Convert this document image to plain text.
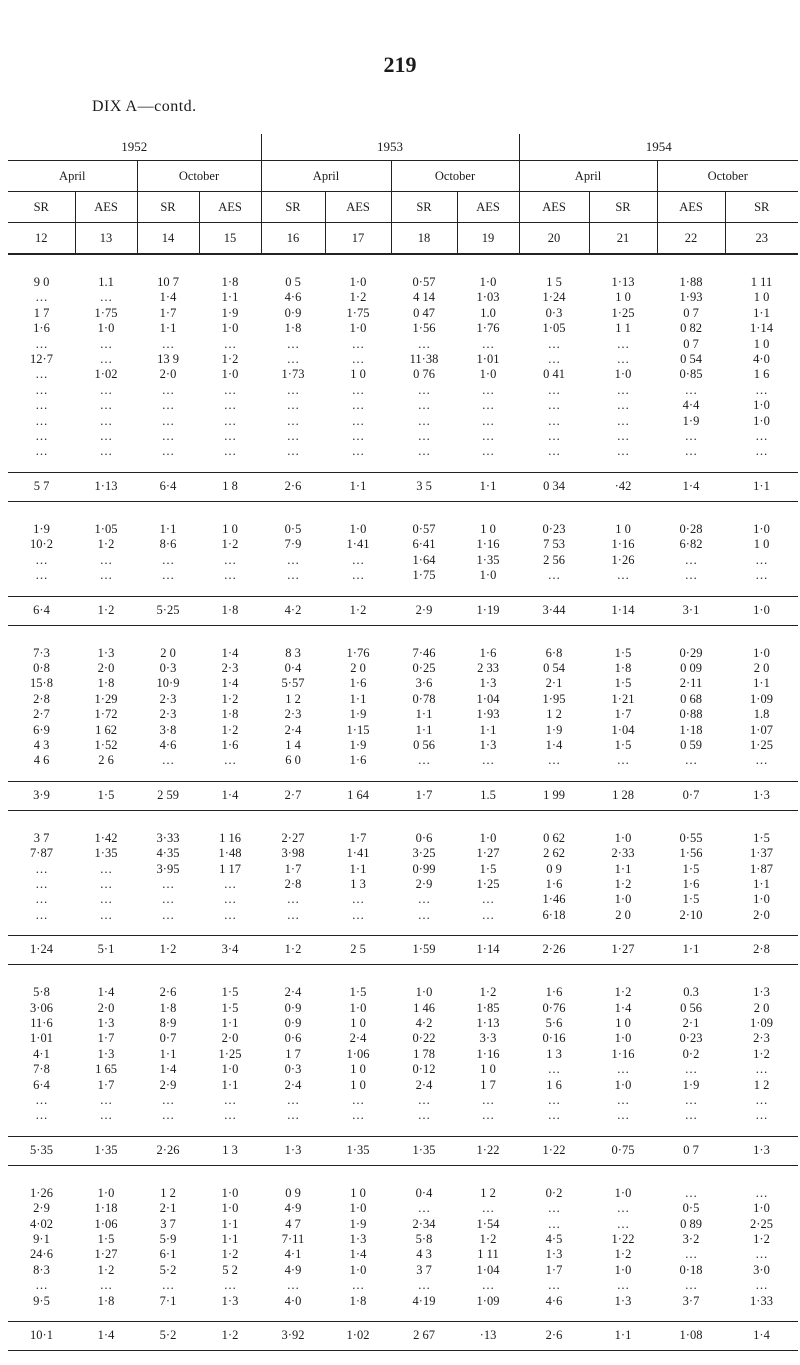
219
DIX A—contd.
1952				1953				1954			
April		October		April		October		April		October	
SR	AES	SR	AES	SR	AES	SR	AES	AES	SR	AES	SR
12	13	14	15	16	17	18	19	20	21	22	23

9 0	1.1	10 7	1·8	0 5	1·0	0·57	1·0	1 5	1·13	1·88	1 11
…	…	1·4	1·1	4·6	1·2	4 14	1·03	1·24	1 0	1·93	1 0
1 7	1·75	1·7	1·9	0·9	1·75	0 47	1.0	0·3	1·25	0 7	1·1
1·6	1·0	1·1	1·0	1·8	1·0	1·56	1·76	1·05	1 1	0 82	1·14
…	…	…	…	…	…	…	…	…	…	0 7	1 0
12·7	…	13 9	1·2	…	…	11·38	1·01	…	…	0 54	4·0
…	1·02	2·0	1·0	1·73	1 0	0 76	1·0	0 41	1·0	0·85	1 6
…	…	…	…	…	…	…	…	…	…	…	…
…	…	…	…	…	…	…	…	…	…	4·4	1·0
…	…	…	…	…	…	…	…	…	…	1·9	1·0
…	…	…	…	…	…	…	…	…	…	…	…
…	…	…	…	…	…	…	…	…	…	…	…

5 7	1·13	6·4	1 8	2·6	1·1	3 5	1·1	0 34	·42	1·4	1·1

1·9	1·05	1·1	1 0	0·5	1·0	0·57	1 0	0·23	1 0	0·28	1·0
10·2	1·2	8·6	1·2	7·9	1·41	6·41	1·16	7 53	1·16	6·82	1 0
…	…	…	…	…	…	1·64	1·35	2 56	1·26	…	…
…	…	…	…	…	…	1·75	1·0	…	…	…	…

6·4	1·2	5·25	1·8	4·2	1·2	2·9	1·19	3·44	1·14	3·1	1·0

7·3	1·3	2 0	1·4	8 3	1·76	7·46	1·6	6·8	1·5	0·29	1·0
0·8	2·0	0·3	2·3	0·4	2 0	0·25	2 33	0 54	1·8	0 09	2 0
15·8	1·8	10·9	1·4	5·57	1·6	3·6	1·3	2·1	1·5	2·11	1·1
2·8	1·29	2·3	1·2	1 2	1·1	0·78	1·04	1·95	1·21	0 68	1·09
2·7	1·72	2·3	1·8	2·3	1·9	1·1	1·93	1 2	1·7	0·88	1.8
6·9	1 62	3·8	1·2	2·4	1·15	1·1	1·1	1·9	1·04	1·18	1·07
4 3	1·52	4·6	1·6	1 4	1·9	0 56	1·3	1·4	1·5	0 59	1·25
4 6	2 6	…	…	6 0	1·6	…	…	…	…	…	…

3·9	1·5	2 59	1·4	2·7	1 64	1·7	1.5	1 99	1 28	0·7	1·3

3 7	1·42	3·33	1 16	2·27	1·7	0·6	1·0	0 62	1·0	0·55	1·5
7·87	1·35	4·35	1·48	3·98	1·41	3·25	1·27	2 62	2·33	1·56	1·37
…	…	3·95	1 17	1·7	1·1	0·99	1·5	0 9	1·1	1·5	1·87
…	…	…	…	2·8	1 3	2·9	1·25	1·6	1·2	1·6	1·1
…	…	…	…	…	…	…	…	1·46	1·0	1·5	1·0
…	…	…	…	…	…	…	…	6·18	2 0	2·10	2·0

1·24	5·1	1·2	3·4	1·2	2 5	1·59	1·14	2·26	1·27	1·1	2·8

5·8	1·4	2·6	1·5	2·4	1·5	1·0	1·2	1·6	1·2	0.3	1·3
3·06	2·0	1·8	1·5	0·9	1·0	1 46	1·85	0·76	1·4	0 56	2 0
11·6	1·3	8·9	1·1	0·9	1 0	4·2	1·13	5·6	1 0	2·1	1·09
1·01	1·7	0·7	2·0	0·6	2·4	0·22	3·3	0·16	1·0	0·23	2·3
4·1	1·3	1·1	1·25	1 7	1·06	1 78	1·16	1 3	1·16	0·2	1·2
7·8	1 65	1·4	1·0	0·3	1 0	0·12	1 0	…	…	…	…
6·4	1·7	2·9	1·1	2·4	1 0	2·4	1 7	1 6	1·0	1·9	1 2
…	…	…	…	…	…	…	…	…	…	…	…
…	…	…	…	…	…	…	…	…	…	…	…

5·35	1·35	2·26	1 3	1·3	1·35	1·35	1·22	1·22	0·75	0 7	1·3

1·26	1·0	1 2	1·0	0 9	1 0	0·4	1 2	0·2	1·0	…	…
2·9	1·18	2·1	1·0	4·9	1·0	…	…	…	…	0·5	1·0
4·02	1·06	3 7	1·1	4 7	1·9	2·34	1·54	…	…	0 89	2·25
9·1	1·5	5·9	1·1	7·11	1·3	5·8	1·2	4·5	1·22	3·2	1·2
24·6	1·27	6·1	1·2	4·1	1·4	4 3	1 11	1·3	1·2	…	…
8·3	1·2	5·2	5 2	4·9	1·0	3 7	1·04	1·7	1·0	0·18	3·0
…	…	…	…	…	…	…	…	…	…	…	…
9·5	1·8	7·1	1·3	4·0	1·8	4·19	1·09	4·6	1·3	3·7	1·33

10·1	1·4	5·2	1·2	3·92	1·02	2 67	·13	2·6	1·1	1·08	1·4
